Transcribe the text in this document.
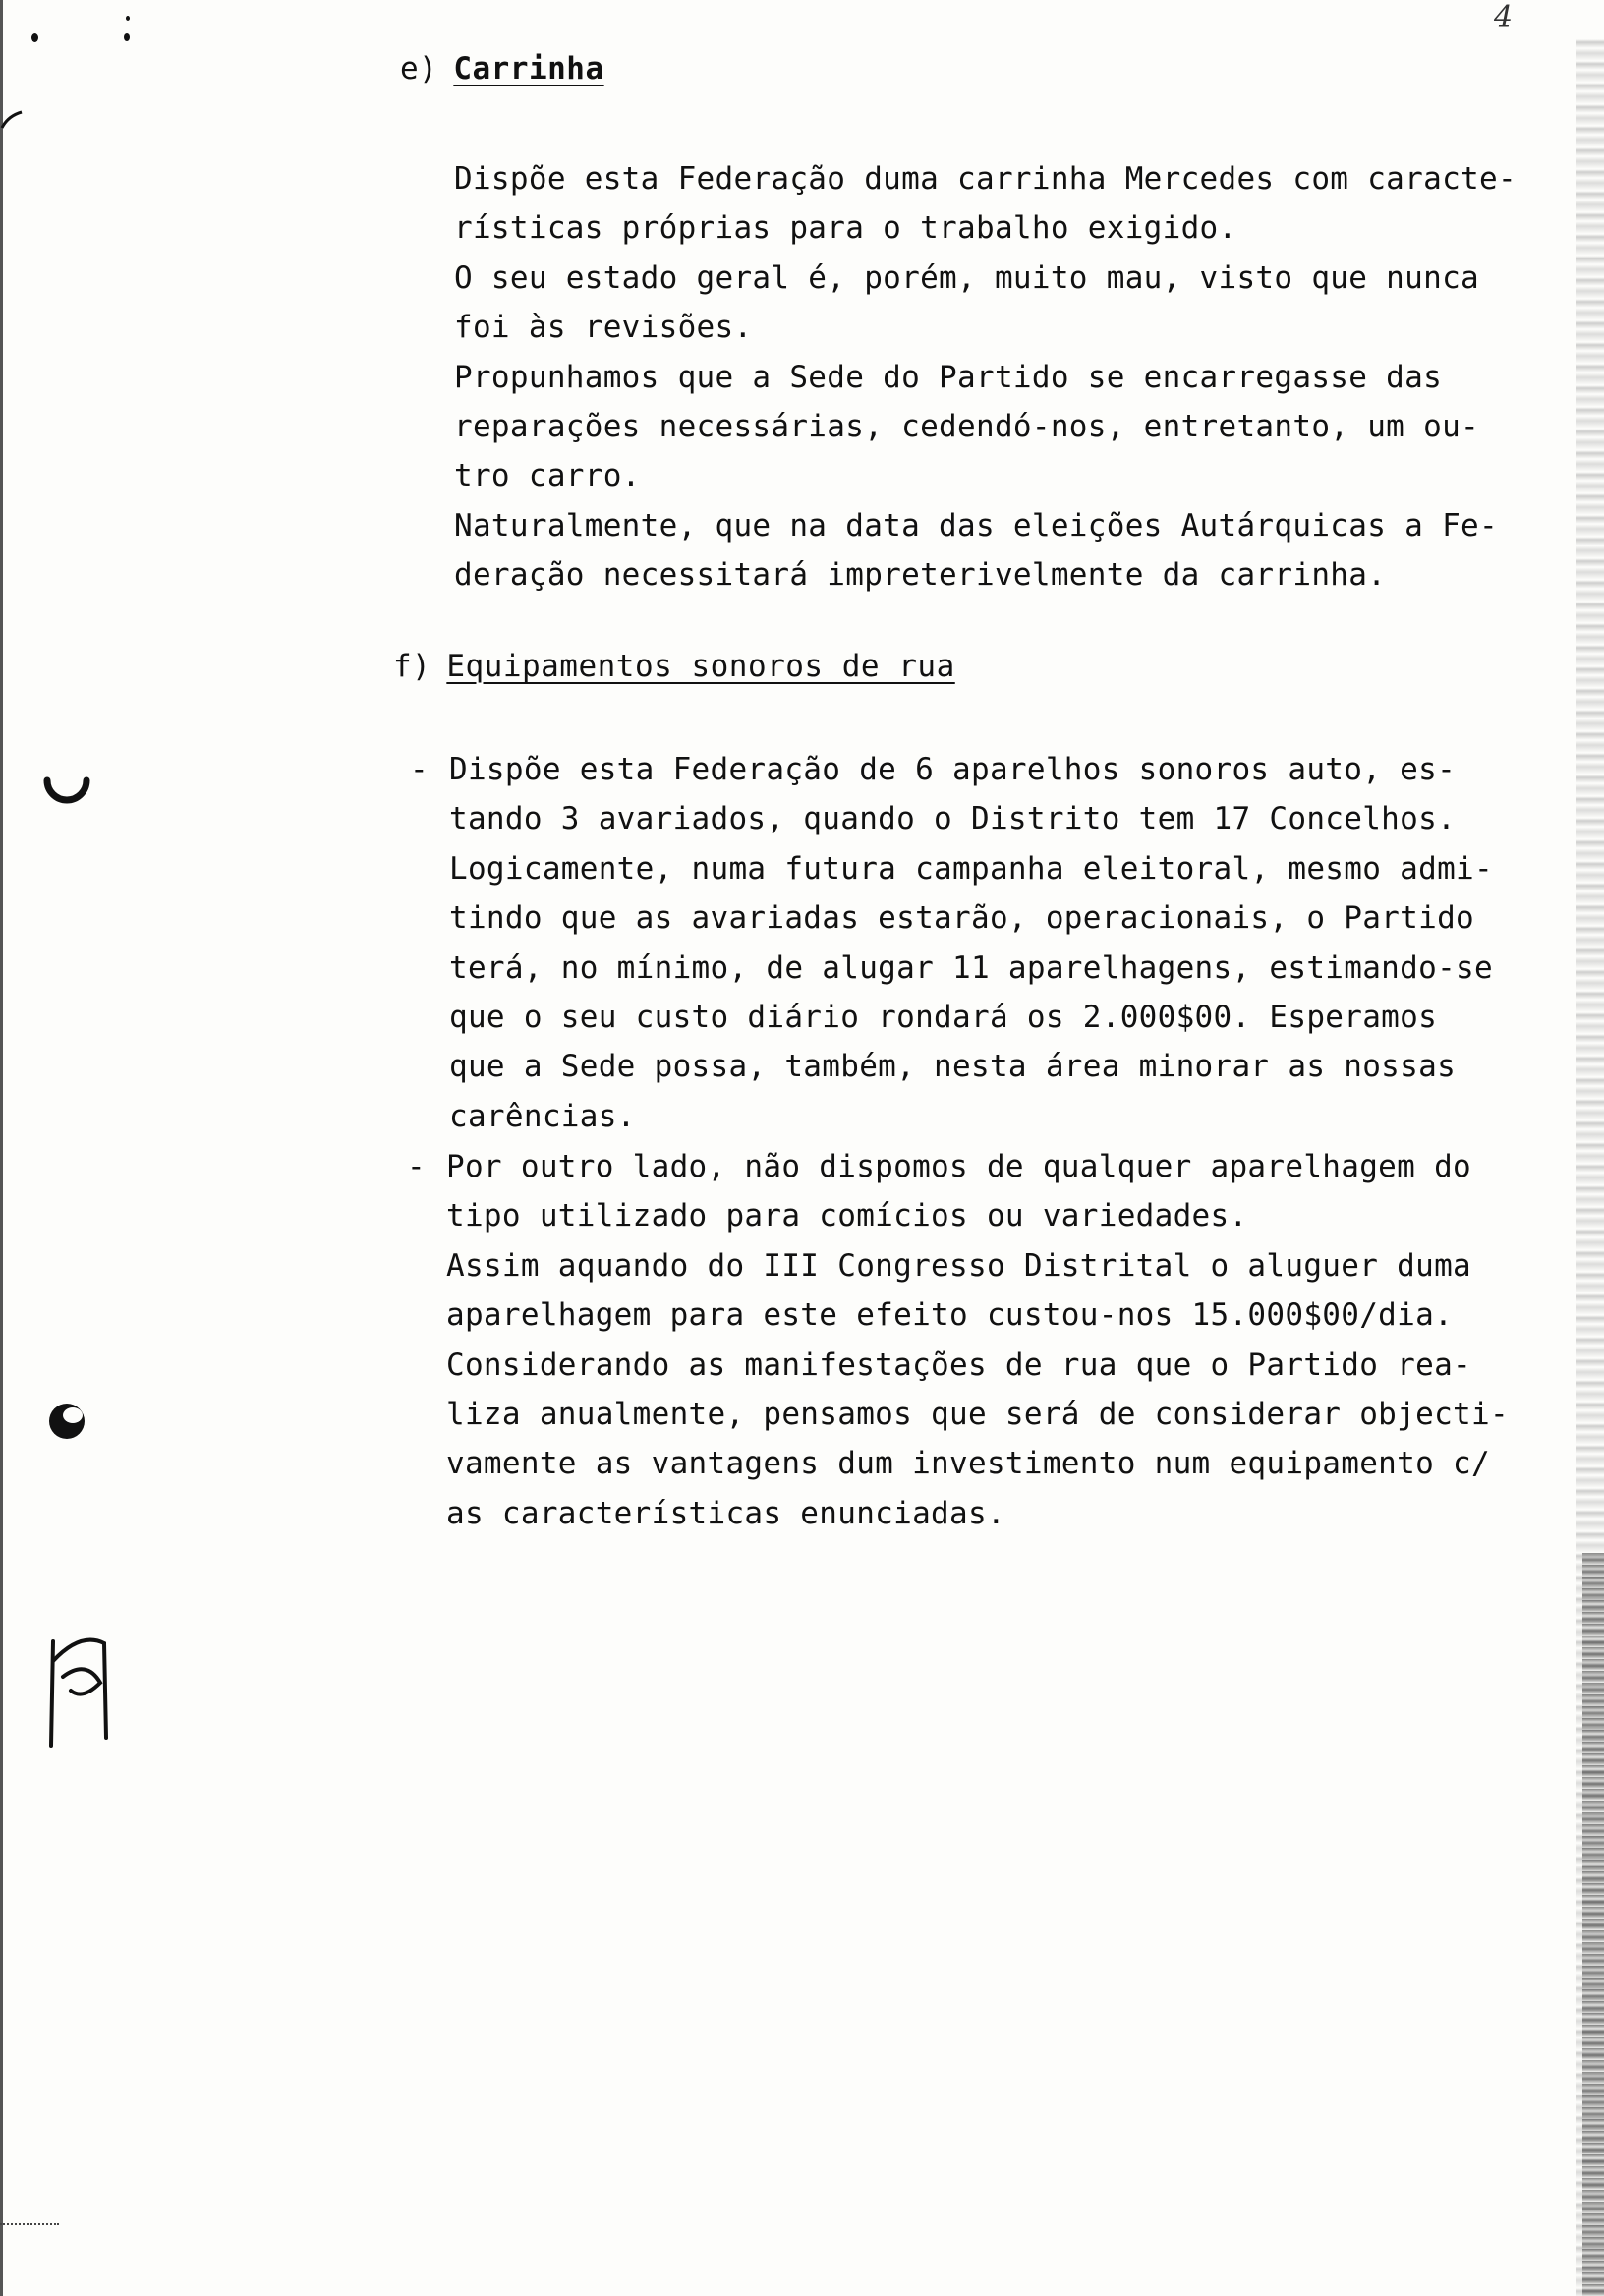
4
e) Carrinha
Dispõe esta Federação duma carrinha Mercedes com caracte-
rísticas próprias para o trabalho exigido.
O seu estado geral é, porém, muito mau, visto que nunca
foi às revisões.
Propunhamos que a Sede do Partido se encarregasse das
reparações necessárias, cedendó-nos, entretanto, um ou-
tro carro.
Naturalmente, que na data das eleições Autárquicas a Fe-
deração necessitará impreterivelmente da carrinha.
f) Equipamentos sonoros de rua
- Dispõe esta Federação de 6 aparelhos sonoros auto, es-
tando 3 avariados, quando o Distrito tem 17 Concelhos.
Logicamente, numa futura campanha eleitoral, mesmo admi-
tindo que as avariadas estarão, operacionais, o Partido
terá, no mínimo, de alugar 11 aparelhagens, estimando-se
que o seu custo diário rondará os 2.000$00. Esperamos
que a Sede possa, também, nesta área minorar as nossas
carências.
- Por outro lado, não dispomos de qualquer aparelhagem do
tipo utilizado para comícios ou variedades.
Assim aquando do III Congresso Distrital o aluguer duma
aparelhagem para este efeito custou-nos 15.000$00/dia.
Considerando as manifestações de rua que o Partido rea-
liza anualmente, pensamos que será de considerar objecti-
vamente as vantagens dum investimento num equipamento c/
as características enunciadas.
